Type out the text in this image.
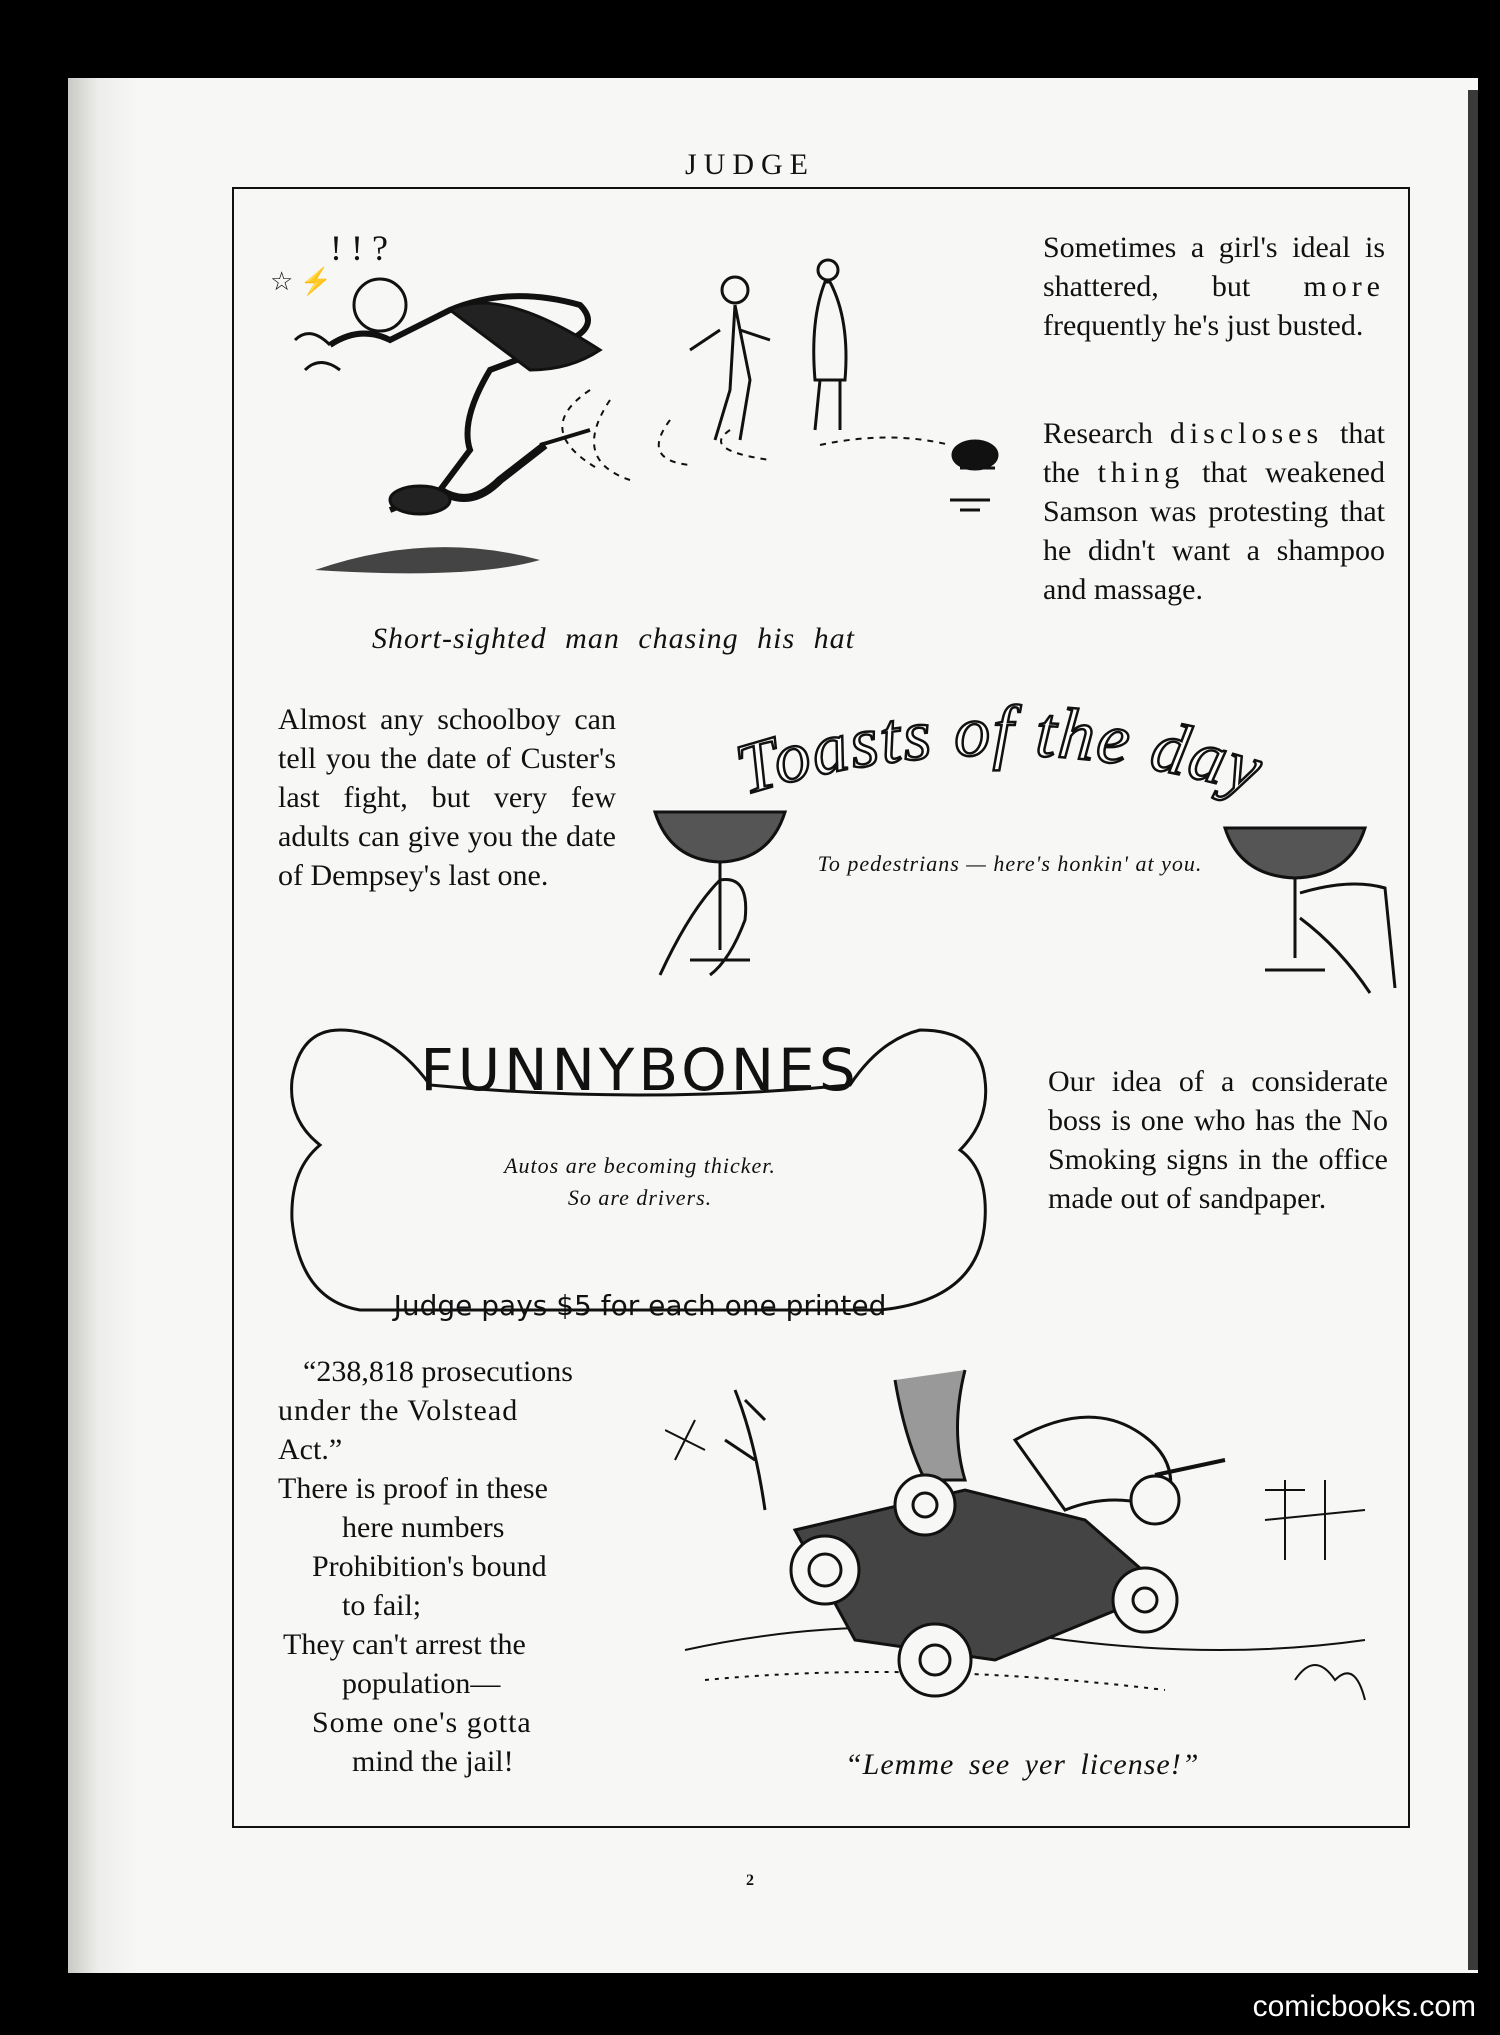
JUDGE

Sometimes a girl's ideal is shattered, but more frequently he's just busted.

Research discloses that the thing that weakened Samson was protesting that he didn't want a shampoo and massage.

! ! ?
☆ ⚡
Short-sighted man chasing his hat
Almost any schoolboy can tell you the date of Custer's last fight, but very few adults can give you the date of Dempsey's last one.
Toasts of the day
To pedestrians — here's honkin' at you.
FUNNYBONES
Judge pays $5 for each one printed
Autos are becoming thicker.
So are drivers.
Our idea of a considerate boss is one who has the No Smoking signs in the office made out of sandpaper.
“238,818 prosecutions
under the Volstead
Act.”
There is proof in these
here numbers
Prohibition's bound
to fail;
They can't arrest the
population—
Some one's gotta
mind the jail!	“Lemme see yer license!”
2
comicbooks.com
